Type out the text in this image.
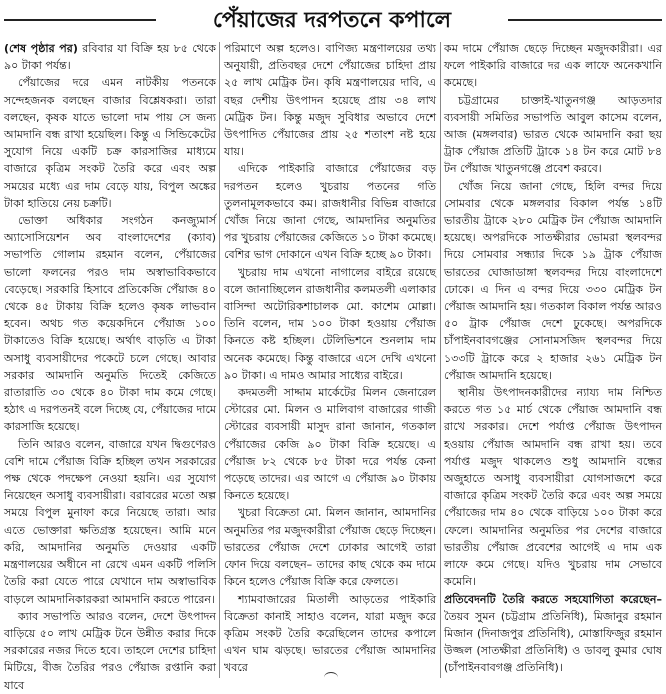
পেঁয়াজের দরপতনে কপালে

(শেষ পৃষ্ঠার পর) রবিবার যা বিক্রি হয় ৮৫ থেকে ৯০ টাকা পর্যন্ত।

পেঁয়াজের দরে এমন নাটকীয় পতনকে সন্দেহজনক বলছেন বাজার বিশ্লেষকরা। তারা বলছেন, কৃষক যাতে ভালো দাম পায় সে জন্য আমদানি বন্ধ রাখা হয়েছিল। কিন্তু এ সিন্ডিকেটের সুযোগ নিয়ে একটি চক্র কারসাজির মাধ্যমে বাজারে কৃত্রিম সংকট তৈরি করে এবং অল্প সময়ের মধ্যে এর দাম বেড়ে যায়, বিপুল অঙ্কের টাকা হাতিয়ে নেয় চক্রটি।

ভোক্তা অধিকার সংগঠন কনজ্যুমার্স অ্যাসোসিয়েশন অব বাংলাদেশের (ক্যাব) সভাপতি গোলাম রহমান বলেন, পেঁয়াজের ভালো ফলনের পরও দাম অস্বাভাবিকভাবে বেড়েছে। সরকারি হিসাবে প্রতিকেজি পেঁয়াজ ৪০ থেকে ৪৫ টাকায় বিক্রি হলেও কৃষক লাভবান হবেন। অথচ গত কয়েকদিনে পেঁয়াজ ১০০ টাকাতেও বিক্রি হয়েছে। অর্থাৎ বাড়তি এ টাকা অসাধু ব্যবসায়ীদের পকেটে চলে গেছে। আবার সরকার আমদানি অনুমতি দিতেই কেজিতে রাতারাতি ৩০ থেকে ৪০ টাকা দাম কমে গেছে। হঠাৎ এ দরপতনই বলে দিচ্ছে যে, পেঁয়াজের দামে কারসাজি হয়েছে।

তিনি আরও বলেন, বাজারে যখন দ্বিগুণেরও বেশি দামে পেঁয়াজ বিক্রি হচ্ছিল তখন সরকারের পক্ষ থেকে পদক্ষেপ নেওয়া হয়নি। এর সুযোগ নিয়েছেন অসাধু ব্যবসায়ীরা। বরাবরের মতো অল্প সময়ে বিপুল মুনাফা করে নিয়েছে তারা। আর এতে ভোক্তারা ক্ষতিগ্রস্ত হয়েছেন। আমি মনে করি, আমদানির অনুমতি দেওয়ার একটি মন্ত্রণালয়ের অধীনে না রেখে এমন একটি পলিসি তৈরি করা যেতে পারে যেখানে দাম অস্বাভাবিক বাড়লে আমদানিকারকরা আমদানি করতে পারেন।

ক্যাব সভাপতি আরও বলেন, দেশে উৎপাদন বাড়িয়ে ৫০ লাখ মেট্রিক টনে উন্নীত করার দিকে সরকারের নজর দিতে হবে। তাহলে দেশের চাহিদা মিটিয়ে, বীজ তৈরির পরও পেঁয়াজ রপ্তানি করা যাবে

পরিমাণে অল্প হলেও। বাণিজ্য মন্ত্রণালয়ের তথ্য অনুযায়ী, প্রতিবছর দেশে পেঁয়াজের চাহিদা প্রায় ২৫ লাখ মেট্রিক টন। কৃষি মন্ত্রণালয়ের দাবি, এ বছর দেশীয় উৎপাদন হয়েছে প্রায় ৩৪ লাখ মেট্রিক টন। কিন্তু মজুদ সুবিধার অভাবে দেশে উৎপাদিত পেঁয়াজের প্রায় ২৫ শতাংশ নষ্ট হয়ে যায়।

এদিকে পাইকারি বাজারে পেঁয়াজের বড় দরপতন হলেও খুচরায় পতনের গতি তুলনামূলকভাবে কম। রাজধানীর বিভিন্ন বাজারে খোঁজ নিয়ে জানা গেছে, আমদানির অনুমতির পর খুচরায় পেঁয়াজের কেজিতে ১০ টাকা কমেছে। বেশির ভাগ দোকানে এখন বিক্রি হচ্ছে ৯০ টাকা।

খুচরায় দাম এখনো নাগালের বাইরে রয়েছে বলে জানাচ্ছিলেন রাজধানীর কলমতলী এলাকার বাসিন্দা অটোরিকশাচালক মো. কাশেম মোল্লা। তিনি বলেন, দাম ১০০ টাকা হওয়ায় পেঁয়াজ কিনতে কষ্ট হচ্ছিল। টেলিভিশনে শুনলাম দাম অনেক কমেছে। কিন্তু বাজারে এসে দেখি এখনো ৯০ টাকা। এ দামও আমার সাধ্যের বাইরে।

কদমতলী সাদ্দাম মার্কেটের মিলন জেনারেল স্টোরের মো. মিলন ও মালিবাগ বাজারের গাজী স্টোরের ব্যবসায়ী মাসুদ রানা জানান, গতকাল পেঁয়াজের কেজি ৯০ টাকা বিক্রি হয়েছে। এ পেঁয়াজ ৮২ থেকে ৮৫ টাকা দরে পর্যন্ত কেনা পড়েছে তাদের। এর আগে এ পেঁয়াজ ৯০ টাকায় কিনতে হয়েছে।

খুচরা বিক্রেতা মো. মিলন জানান, আমদানির অনুমতির পর মজুদকারীরা পেঁয়াজ ছেড়ে দিচ্ছেন। ভারতের পেঁয়াজ দেশে ঢোকার আগেই তারা ফোন দিয়ে বলছেন– তাদের কাছ থেকে কম দামে কিনে হলেও পেঁয়াজ বিক্রি করে ফেলতে।

শ্যামবাজারের মিতালী আড়তের পাইকারি বিক্রেতা কানাই সাহাও বলেন, যারা মজুদ করে কৃত্রিম সংকট তৈরি করেছিলেন তাদের কপালে এখন ঘাম ঝড়ছে। ভারতের পেঁয়াজ আমদানির খবরে

কম দামে পেঁয়াজ ছেড়ে দিচ্ছেন মজুদকারীরা। এর ফলে পাইকারি বাজারে দর এক লাফে অনেকখানি কমেছে।

চট্টগ্রামের চাক্তাই-খাতুনগঞ্জ আড়তদার ব্যবসায়ী সমিতির সভাপতি আবুল কাসেম বলেন, আজ (মঙ্গলবার) ভারত থেকে আমদানি করা ছয় ট্রাক পেঁয়াজ প্রতিটি ট্রাকে ১৪ টন করে মোট ৮৪ টন পেঁয়াজ খাতুনগঞ্জে প্রবেশ করবে।

খোঁজ নিয়ে জানা গেছে, হিলি বন্দর দিয়ে সোমবার থেকে মঙ্গলবার বিকাল পর্যন্ত ১৪টি ভারতীয় ট্রাকে ২৮০ মেট্রিক টন পেঁয়াজ আমদানি হয়েছে। অপরদিকে সাতক্ষীরার ভোমরা স্থলবন্দর দিয়ে সোমবার সন্ধ্যার দিকে ১৯ ট্রাক পেঁয়াজ ভারতের ঘোজাডাঙ্গা স্থলবন্দর দিয়ে বাংলাদেশে ঢোকে। এ দিন এ বন্দর দিয়ে ৩৩০ মেট্রিক টন পেঁয়াজ আমদানি হয়। গতকাল বিকাল পর্যন্ত আরও ৫০ ট্রাক পেঁয়াজ দেশে ঢুকেছে। অপরদিকে চাঁপাইনবাবগঞ্জের সোনামসজিদ স্থলবন্দর দিয়ে ১৩৩টি ট্রাকে করে ২ হাজার ২৬১ মেট্রিক টন পেঁয়াজ আমদানি হয়েছে।

স্থানীয় উৎপাদনকারীদের ন্যায্য দাম নিশ্চিত করতে গত ১৫ মার্চ থেকে পেঁয়াজ আমদানি বন্ধ রাখে সরকার। দেশে পর্যাপ্ত পেঁয়াজ উৎপাদন হওয়ায় পেঁয়াজ আমদানি বন্ধ রাখা হয়। তবে পর্যাপ্ত মজুদ থাকলেও শুধু আমদানি বন্ধের অজুহাতে অসাধু ব্যবসায়ীরা যোগসাজশে করে বাজারে কৃত্রিম সংকট তৈরি করে এবং অল্প সময়ে পেঁয়াজের দাম ৪০ থেকে বাড়িয়ে ১০০ টাকা করে ফেলে। আমদানির অনুমতির পর দেশের বাজারে ভারতীয় পেঁয়াজ প্রবেশের আগেই এ দাম এক লাফে কমে গেছে। যদিও খুচরায় দাম সেভাবে কমেনি।

প্রতিবেদনটি তৈরি করতে সহযোগিতা করেছেন– তৈয়ব সুমন (চট্টগ্রাম প্রতিনিধি), মিজানুর রহমান মিজান (দিনাজপুর প্রতিনিধি), মোস্তাফিজুর রহমান উজ্জল (সাতক্ষীরা প্রতিনিধি) ও ডাবলু কুমার ঘোষ (চাঁপাইনবাবগঞ্জ প্রতিনিধি)।
